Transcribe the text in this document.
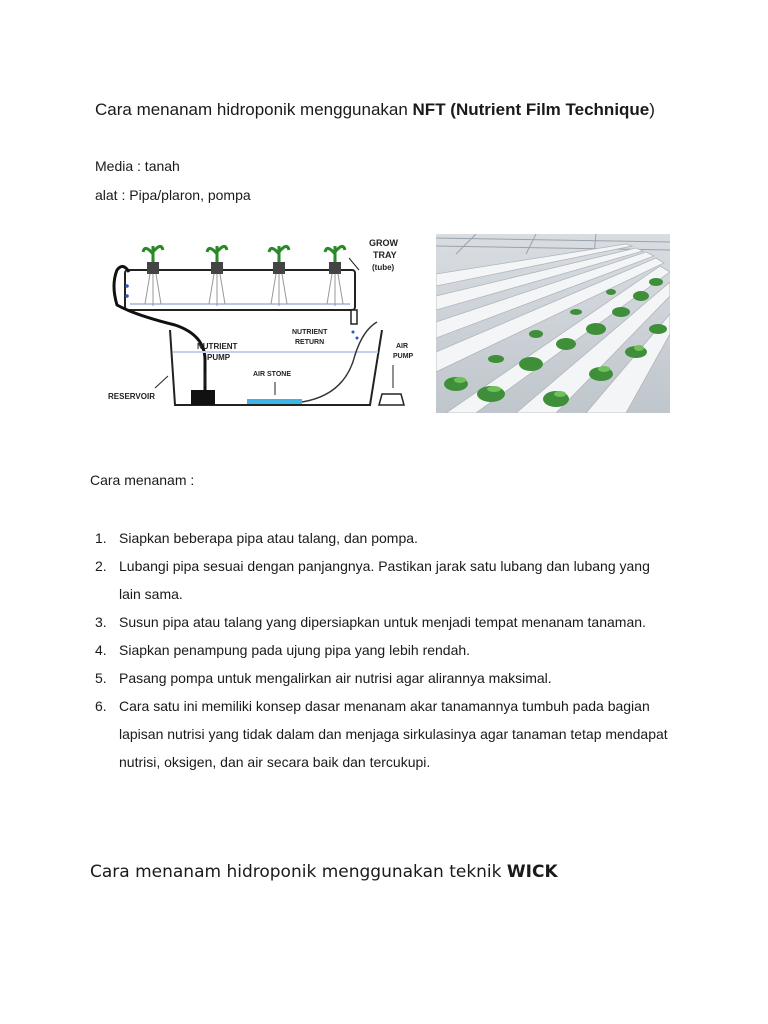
Cara menanam hidroponik menggunakan NFT (Nutrient Film Technique)
Media : tanah
alat : Pipa/plaron, pompa
GROW
TRAY
(tube)
NUTRIENT
RETURN
NUTRIENT
PUMP
AIR
PUMP
AIR STONE
RESERVOIR
Cara menanam :
1. Siapkan beberapa pipa atau talang, dan pompa.
2. Lubangi pipa sesuai dengan panjangnya. Pastikan jarak satu lubang dan lubang yang lain sama.
3. Susun pipa atau talang yang dipersiapkan untuk menjadi tempat menanam tanaman.
4. Siapkan penampung pada ujung pipa yang lebih rendah.
5. Pasang pompa untuk mengalirkan air nutrisi agar alirannya maksimal.
6. Cara satu ini memiliki konsep dasar menanam akar tanamannya tumbuh pada bagian lapisan nutrisi yang tidak dalam dan menjaga sirkulasinya agar tanaman tetap mendapat nutrisi, oksigen, dan air secara baik dan tercukupi.
Cara menanam hidroponik menggunakan teknik WICK
